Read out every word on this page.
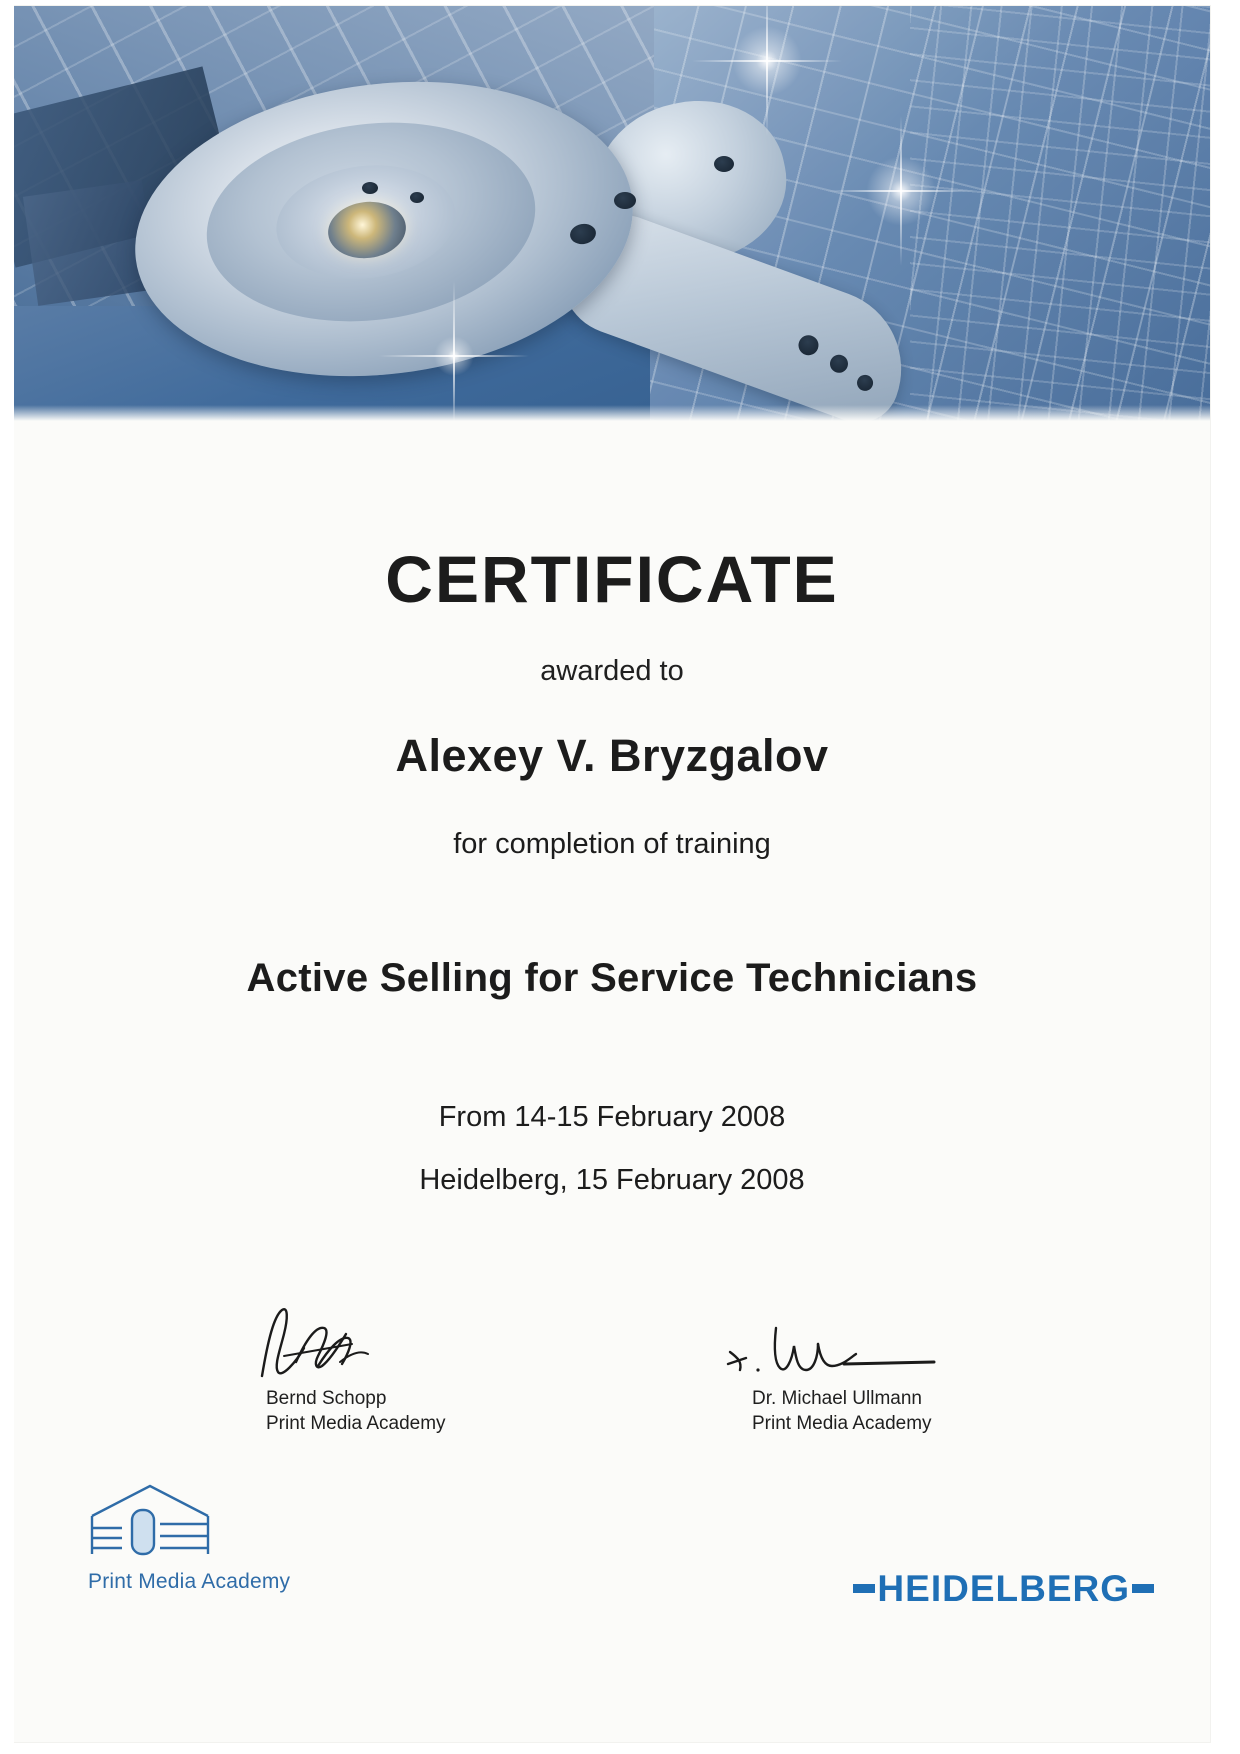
CERTIFICATE
awarded to
Alexey V. Bryzgalov
for completion of training
Active Selling for Service Technicians
From 14-15 February 2008
Heidelberg, 15 February 2008
Bernd Schopp
Print Media Academy
Dr. Michael Ullmann
Print Media Academy
Print Media Academy	HEIDELBERG
